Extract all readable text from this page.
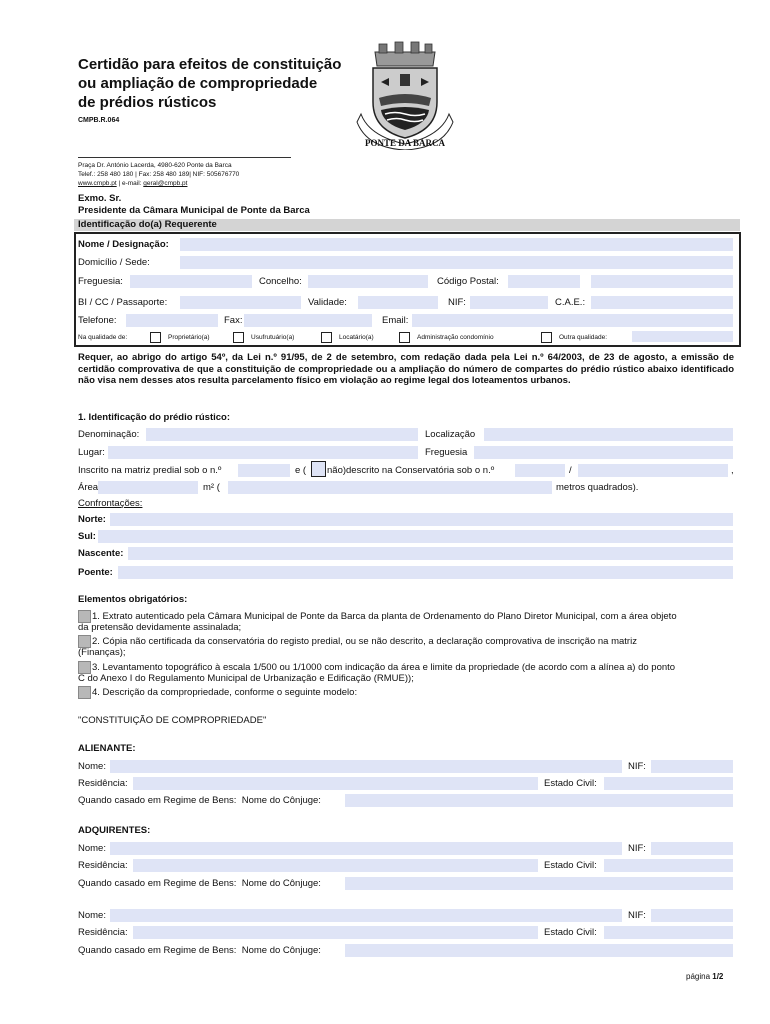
Certidão para efeitos de constituição
ou ampliação de compropriedade
de prédios rústicos
CMPB.R.064
PONTE DA BARCA
Praça Dr. António Lacerda, 4980-620 Ponte da Barca
Telef.: 258 480 180 | Fax: 258 480 189| NIF: 505676770
www.cmpb.pt | e-mail: geral@cmpb.pt
Exmo. Sr.
Presidente da Câmara Municipal de Ponte da Barca
Identificação do(a) Requerente
Nome / Designação:
Domicílio / Sede:
Freguesia:	Concelho:	Código Postal:
BI / CC / Passaporte:	Validade:	NIF:	C.A.E.:
Telefone:	Fax:	Email:
Na qualidade de:	Proprietário(a)	Usufrutuário(a)	Locatário(a)	Administração condomínio	Outra qualidade:

Requer, ao abrigo do artigo 54º, da Lei n.º 91/95, de 2 de setembro, com redação dada pela Lei n.º 64/2003, de 23 de agosto, a emissão de certidão comprovativa de que a constituição de compropriedade ou a ampliação do número de compartes do prédio rústico abaixo identificado não visa nem desses atos resulta parcelamento físico em violação ao regime legal dos loteamentos urbanos.

1. Identificação do prédio rústico:
Denominação:	Localização
Lugar:	Freguesia
Inscrito na matriz predial sob o n.º	e ( não)descrito na Conservatória sob o n.º	/	,
Área	m² (	metros quadrados).
Confrontações:
Norte:
Sul:
Nascente:
Poente:
Elementos obrigatórios:
1. Extrato autenticado pela Câmara Municipal de Ponte da Barca da planta de Ordenamento do Plano Diretor Municipal, com a área objeto
da pretensão devidamente assinalada;
2. Cópia não certificada da conservatória do registo predial, ou se não descrito, a declaração comprovativa de inscrição na matriz
(Finanças);
3. Levantamento topográfico à escala 1/500 ou 1/1000 com indicação da área e limite da propriedade (de acordo com a alínea a) do ponto
C do Anexo I do Regulamento Municipal de Urbanização e Edificação (RMUE));
4. Descrição da compropriedade, conforme o seguinte modelo:
"CONSTITUIÇÃO DE COMPROPRIEDADE"
ALIENANTE:
Nome:	NIF:
Residência:	Estado Civil:
Quando casado em Regime de Bens: Nome do Cônjuge:
ADQUIRENTES:
Nome:	NIF:
Residência:	Estado Civil:
Quando casado em Regime de Bens: Nome do Cônjuge:
Nome:	NIF:
Residência:	Estado Civil:
Quando casado em Regime de Bens: Nome do Cônjuge:
página 1/2
